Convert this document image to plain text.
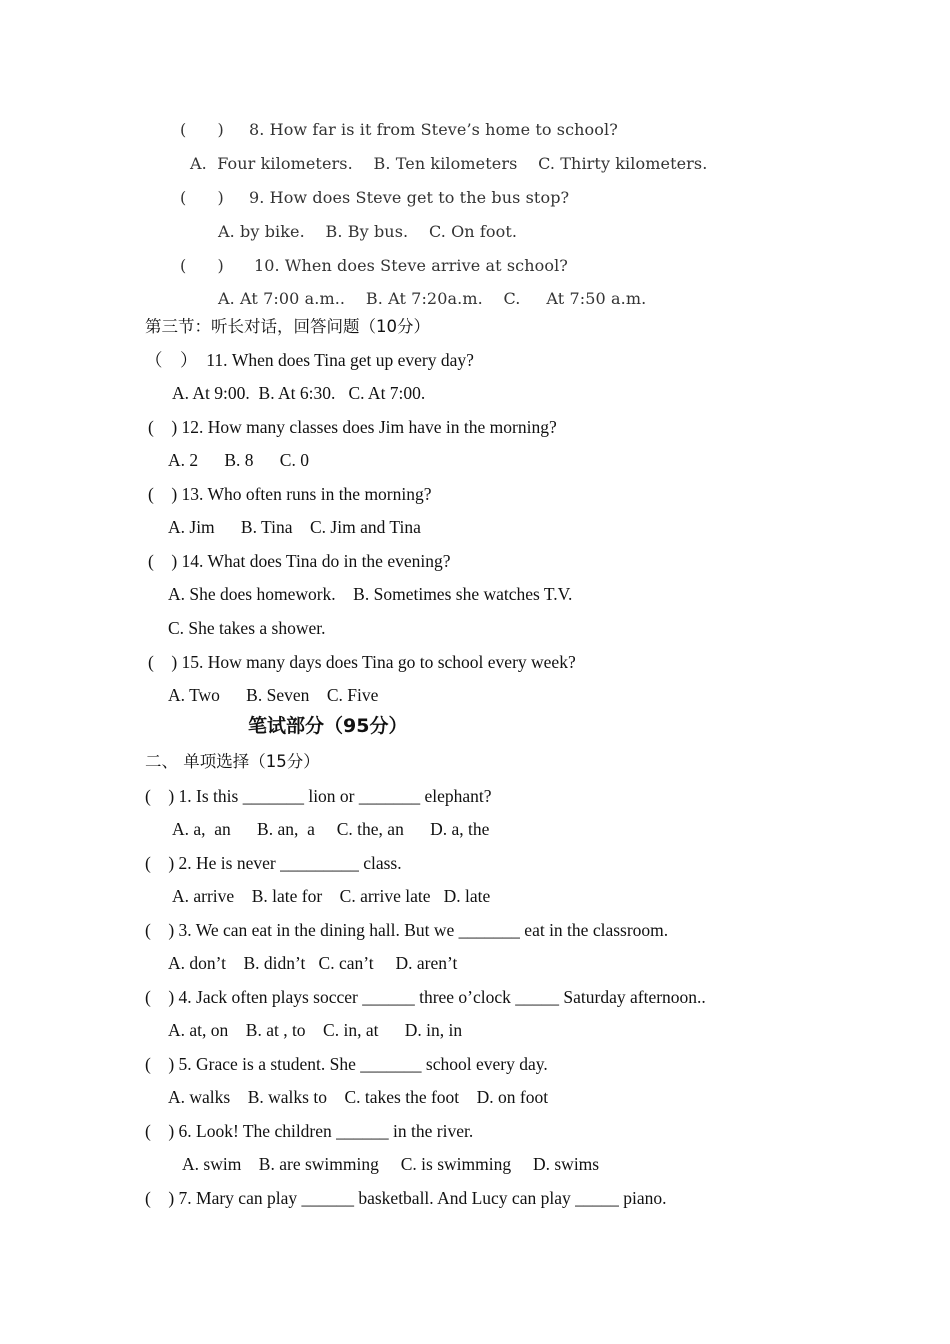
(      ) 8. How far is it from Steve’s home to school?
A.  Four kilometers.    B. Ten kilometers    C. Thirty kilometers.
(      ) 9. How does Steve get to the bus stop?
A. by bike.    B. By bus.    C. On foot.
(      ) 10. When does Steve arrive at school?
A. At 7:00 a.m..    B. At 7:20a.m.    C.     At 7:50 a.m.
第三节：听长对话，回答问题（10分）
（    ）  11. When does Tina get up every day?
A. At 9:00.  B. At 6:30.   C. At 7:00.
(    ) 12. How many classes does Jim have in the morning?
A. 2      B. 8      C. 0
(    ) 13. Who often runs in the morning?
A. Jim      B. Tina    C. Jim and Tina
(    ) 14. What does Tina do in the evening?
A. She does homework.    B. Sometimes she watches T.V.
C. She takes a shower.
(    ) 15. How many days does Tina go to school every week?
A. Two      B. Seven    C. Five
笔试部分（95分）
二、 单项选择（15分）
(    ) 1. Is this _______ lion or _______ elephant?
A. a,  an      B. an,  a     C. the, an      D. a, the
(    ) 2. He is never _________ class.
A. arrive    B. late for    C. arrive late   D. late
(    ) 3. We can eat in the dining hall. But we _______ eat in the classroom.
A. don’t    B. didn’t   C. can’t     D. aren’t
(    ) 4. Jack often plays soccer ______ three o’clock _____ Saturday afternoon..
A. at, on    B. at , to    C. in, at      D. in, in
(    ) 5. Grace is a student. She _______ school every day.
A. walks    B. walks to    C. takes the foot    D. on foot
(    ) 6. Look! The children ______ in the river.
A. swim    B. are swimming     C. is swimming     D. swims
(    ) 7. Mary can play ______ basketball. And Lucy can play _____ piano.
